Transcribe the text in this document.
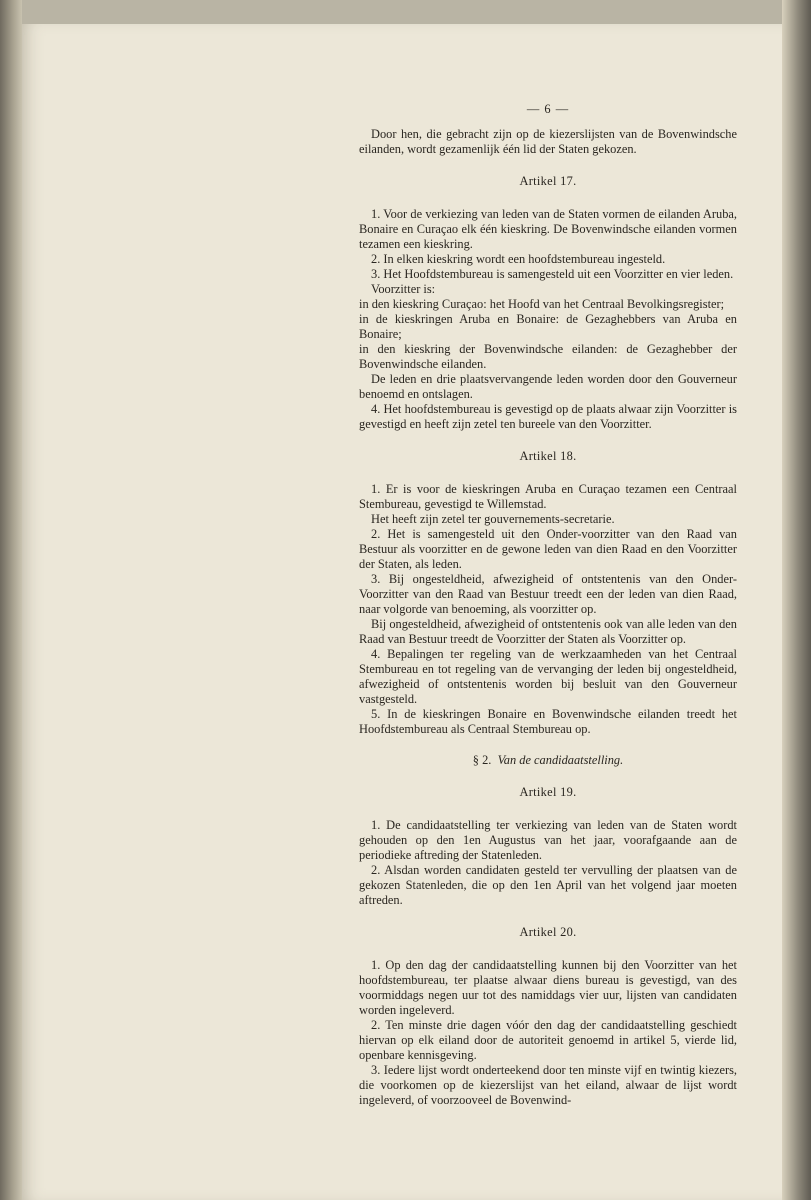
— 6 —
Door hen, die gebracht zijn op de kiezerslijsten van de Bovenwindsche eilanden, wordt gezamenlijk één lid der Staten gekozen.
Artikel 17.
1. Voor de verkiezing van leden van de Staten vormen de eilanden Aruba, Bonaire en Curaçao elk één kieskring. De Bovenwindsche eilanden vormen tezamen een kieskring.
2. In elken kieskring wordt een hoofdstembureau ingesteld.
3. Het Hoofdstembureau is samengesteld uit een Voorzitter en vier leden.
Voorzitter is:
in den kieskring Curaçao: het Hoofd van het Centraal Bevolkingsregister;
in de kieskringen Aruba en Bonaire: de Gezaghebbers van Aruba en Bonaire;
in den kieskring der Bovenwindsche eilanden: de Gezaghebber der Bovenwindsche eilanden.
De leden en drie plaatsvervangende leden worden door den Gouverneur benoemd en ontslagen.
4. Het hoofdstembureau is gevestigd op de plaats alwaar zijn Voorzitter is gevestigd en heeft zijn zetel ten bureele van den Voorzitter.
Artikel 18.
1. Er is voor de kieskringen Aruba en Curaçao tezamen een Centraal Stembureau, gevestigd te Willemstad.
Het heeft zijn zetel ter gouvernements-secretarie.
2. Het is samengesteld uit den Onder-voorzitter van den Raad van Bestuur als voorzitter en de gewone leden van dien Raad en den Voorzitter der Staten, als leden.
3. Bij ongesteldheid, afwezigheid of ontstentenis van den Onder-Voorzitter van den Raad van Bestuur treedt een der leden van dien Raad, naar volgorde van benoeming, als voorzitter op.
Bij ongesteldheid, afwezigheid of ontstentenis ook van alle leden van den Raad van Bestuur treedt de Voorzitter der Staten als Voorzitter op.
4. Bepalingen ter regeling van de werkzaamheden van het Centraal Stembureau en tot regeling van de vervanging der leden bij ongesteldheid, afwezigheid of ontstentenis worden bij besluit van den Gouverneur vastgesteld.
5. In de kieskringen Bonaire en Bovenwindsche eilanden treedt het Hoofdstembureau als Centraal Stembureau op.
§ 2. Van de candidaatstelling.
Artikel 19.
1. De candidaatstelling ter verkiezing van leden van de Staten wordt gehouden op den 1en Augustus van het jaar, voorafgaande aan de periodieke aftreding der Statenleden.
2. Alsdan worden candidaten gesteld ter vervulling der plaatsen van de gekozen Statenleden, die op den 1en April van het volgend jaar moeten aftreden.
Artikel 20.
1. Op den dag der candidaatstelling kunnen bij den Voorzitter van het hoofdstembureau, ter plaatse alwaar diens bureau is gevestigd, van des voormiddags negen uur tot des namiddags vier uur, lijsten van candidaten worden ingeleverd.
2. Ten minste drie dagen vóór den dag der candidaatstelling geschiedt hiervan op elk eiland door de autoriteit genoemd in artikel 5, vierde lid, openbare kennisgeving.
3. Iedere lijst wordt onderteekend door ten minste vijf en twintig kiezers, die voorkomen op de kiezerslijst van het eiland, alwaar de lijst wordt ingeleverd, of voorzooveel de Bovenwind-
